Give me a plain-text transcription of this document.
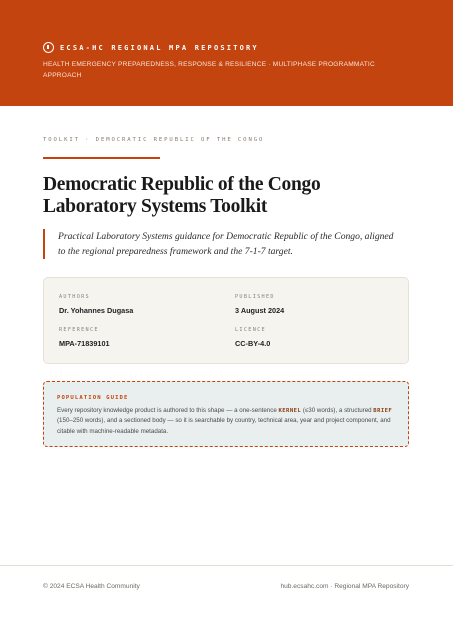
ECSA-HC REGIONAL MPA REPOSITORY
HEALTH EMERGENCY PREPAREDNESS, RESPONSE & RESILIENCE · MULTIPHASE PROGRAMMATIC APPROACH
TOOLKIT · DEMOCRATIC REPUBLIC OF THE CONGO
Democratic Republic of the Congo
Laboratory Systems Toolkit

Practical Laboratory Systems guidance for Democratic Republic of the Congo, aligned to the regional preparedness framework and the 7-1-7 target.

AUTHORS
Dr. Yohannes Dugasa
PUBLISHED
3 August 2024
REFERENCE
MPA-71839101
LICENCE
CC-BY-4.0
POPULATION GUIDE

Every repository knowledge product is authored to this shape — a one-sentence KERNEL (≤30 words), a structured BRIEF (150–250 words), and a sectioned body — so it is searchable by country, technical area, year and project component, and citable with machine-readable metadata.

© 2024 ECSA Health Community	hub.ecsahc.com · Regional MPA Repository
